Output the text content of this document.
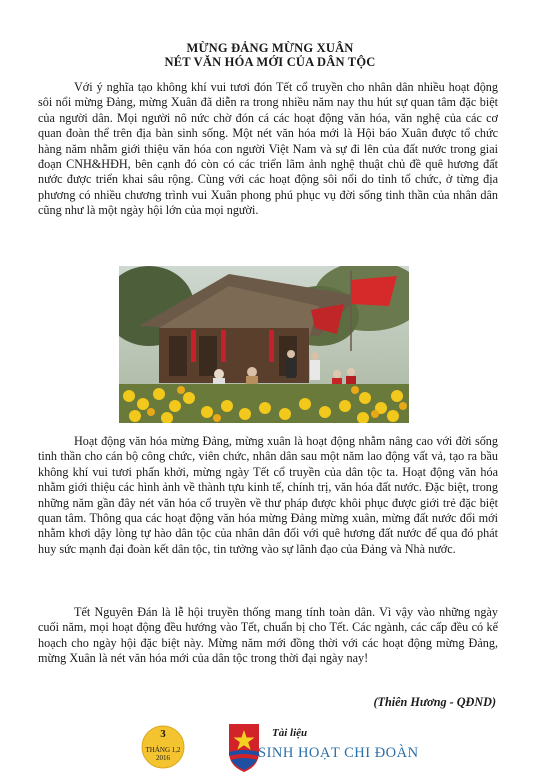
MỪNG ĐẢNG MỪNG XUÂN
NÉT VĂN HÓA MỚI CỦA DÂN TỘC

Với ý nghĩa tạo không khí vui tươi đón Tết cổ truyền cho nhân dân nhiều hoạt động sôi nổi mừng Đảng, mừng Xuân đã diễn ra trong nhiều năm nay thu hút sự quan tâm đặc biệt của người dân. Mọi người nô nức chờ đón cá các hoạt động văn hóa, văn nghệ của các cơ quan đoàn thể trên địa bàn sinh sống. Một nét văn hóa mới là Hội báo Xuân được tổ chức hàng năm nhằm giới thiệu văn hóa con người Việt Nam và sự đi lên của đất nước trong giai đoạn CNH&HĐH, bên cạnh đó còn có các triển lãm ảnh nghệ thuật chủ đề quê hương đất nước được triển khai sâu rộng. Cùng với các hoạt động sôi nổi do tỉnh tổ chức, ở từng địa phương có nhiều chương trình vui Xuân phong phú phục vụ đời sống tinh thần của nhân dân cũng như là một ngày hội lớn của mọi người.

Hoạt động văn hóa mừng Đảng, mừng xuân là hoạt động nhằm nâng cao với đời sống tinh thần cho cán bộ công chức, viên chức, nhân dân sau một năm lao động vất vả, tạo ra bầu không khí vui tươi phấn khởi, mừng ngày Tết cổ truyền của dân tộc ta. Hoạt động văn hóa nhằm giới thiệu các hình ảnh về thành tựu kinh tế, chính trị, văn hóa đất nước. Đặc biệt, trong những năm gần đây nét văn hóa cổ truyền về thư pháp được khôi phục được giới trẻ đặc biệt quan tâm. Thông qua các hoạt động văn hóa mừng Đảng mừng xuân, mừng đất nước đổi mới nhằm khơi dậy lòng tự hào dân tộc của nhân dân đối với quê hương đất nước để qua đó phát huy sức mạnh đại đoàn kết dân tộc, tin tưởng vào sự lãnh đạo của Đảng và Nhà nước.

Tết Nguyên Đán là lễ hội truyền thống mang tính toàn dân. Vì vậy vào những ngày cuối năm, mọi hoạt động đều hướng vào Tết, chuẩn bị cho Tết. Các ngành, các cấp đều có kế hoạch cho ngày hội đặc biệt này. Mừng năm mới đồng thời với các hoạt động mừng Đảng, mừng Xuân là nét văn hóa mới của dân tộc trong thời đại ngày nay!

(Thiên Hương - QĐND)
3
THÁNG 1,2
2016
Tài liệu
SINH HOẠT CHI ĐOÀN
